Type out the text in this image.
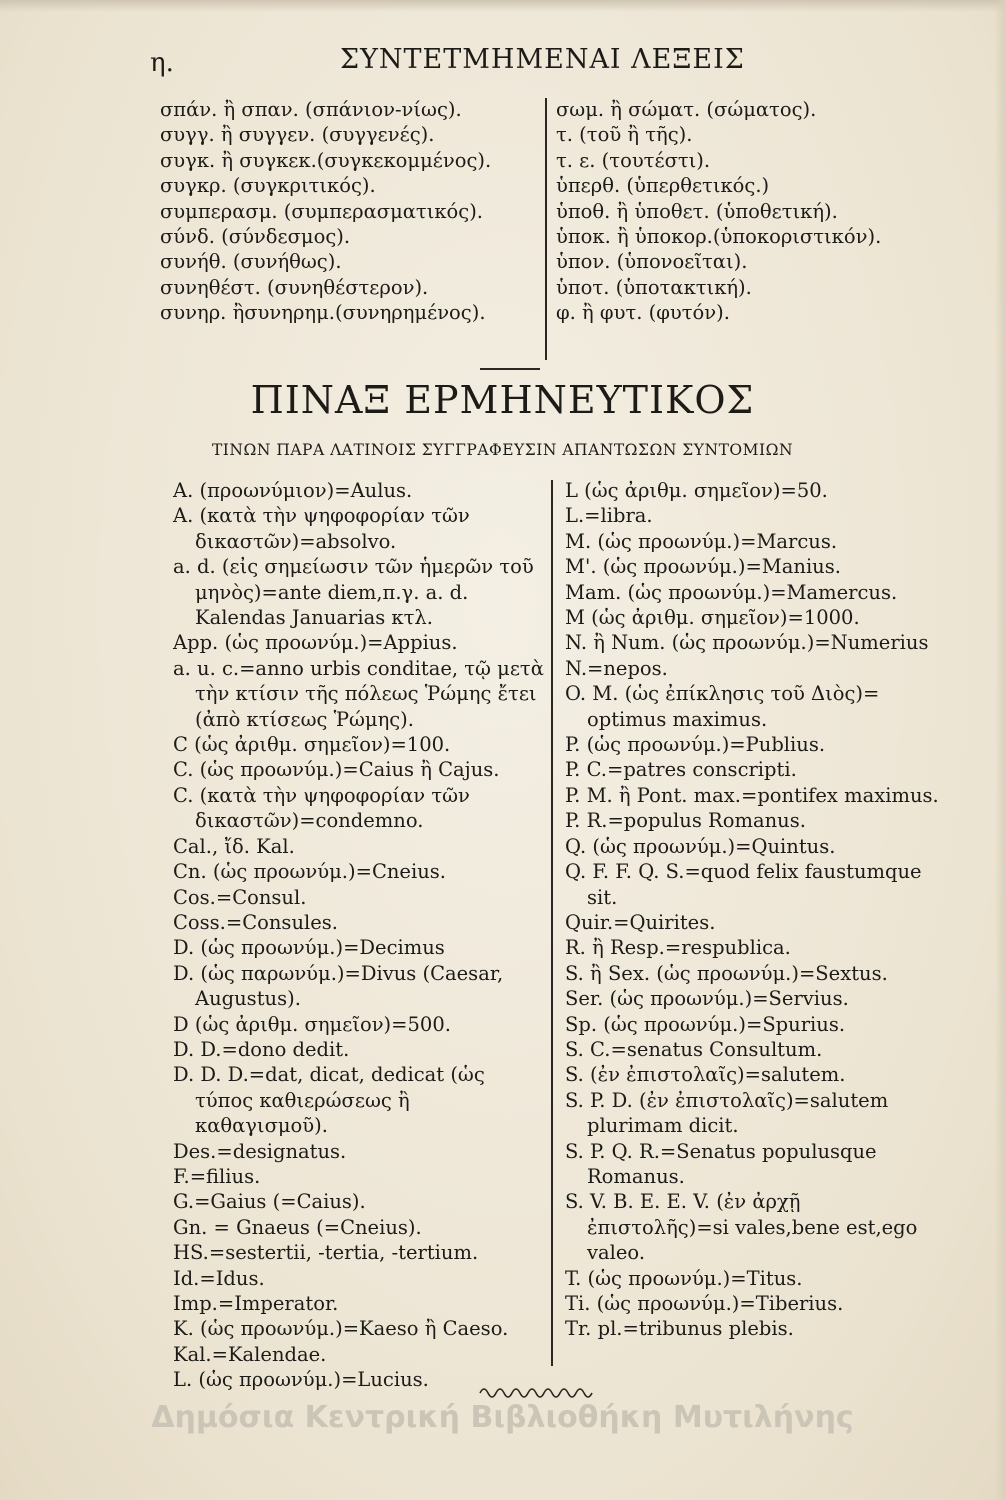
η.	ΣΥΝΤΕΤΜΗΜΕΝΑΙ ΛΕΞΕΙΣ
σπάν. ἢ σπαν. (σπάνιον-νίως).
συγγ. ἢ συγγεν. (συγγενές).
συγκ. ἢ συγκεκ.(συγκεκομμένος).
συγκρ. (συγκριτικός).
συμπερασμ. (συμπερασματικός).
σύνδ. (σύνδεσμος).
συνήθ. (συνήθως).
συνηθέστ. (συνηθέστερον).
συνηρ. ἢσυνηρημ.(συνηρημένος).
σωμ. ἢ σώματ. (σώματος).
τ. (τοῦ ἢ τῆς).
τ. ε. (τουτέστι).
ὑπερθ. (ὑπερθετικός.)
ὑποθ. ἢ ὑποθετ. (ὑποθετική).
ὑποκ. ἢ ὑποκορ.(ὑποκοριστικόν).
ὑπον. (ὑπονοεῖται).
ὑποτ. (ὑποτακτική).
φ. ἢ φυτ. (φυτόν).
ΠΙΝΑΞ ΕΡΜΗΝΕΥΤΙΚΟΣ
ΤΙΝΩΝ ΠΑΡΑ ΛΑΤΙΝΟΙΣ ΣΥΓΓΡΑΦΕΥΣΙΝ ΑΠΑΝΤΩΣΩΝ ΣΥΝΤΟΜΙΩΝ
A. (προωνύμιον)=Aulus.
A. (κατὰ τὴν ψηφοφορίαν τῶν δικαστῶν)=absolvo.
a. d. (εἰς σημείωσιν τῶν ἡμερῶν τοῦ μηνὸς)=ante diem,π.γ. a. d. Kalendas Januarias κτλ.
App. (ὡς προωνύμ.)=Appius.
a. u. c.=anno urbis conditae, τῷ μετὰ τὴν κτίσιν τῆς πόλεως Ῥώμης ἔτει (ἀπὸ κτίσεως Ῥώμης).
C (ὡς ἀριθμ. σημεῖον)=100.
C. (ὡς προωνύμ.)=Caius ἢ Cajus.
C. (κατὰ τὴν ψηφοφορίαν τῶν δικαστῶν)=condemno.
Cal., ἴδ. Kal.
Cn. (ὡς προωνύμ.)=Cneius.
Cos.=Consul.
Coss.=Consules.
D. (ὡς προωνύμ.)=Decimus
D. (ὡς παρωνύμ.)=Divus (Caesar, Augustus).
D (ὡς ἀριθμ. σημεῖον)=500.
D. D.=dono dedit.
D. D. D.=dat, dicat, dedicat (ὡς τύπος καθιερώσεως ἢ καθαγισμοῦ).
Des.=designatus.
F.=filius.
G.=Gaius (=Caius).
Gn. = Gnaeus (=Cneius).
HS.=sestertii, -tertia, -tertium.
Id.=Idus.
Imp.=Imperator.
K. (ὡς προωνύμ.)=Kaeso ἢ Caeso.
Kal.=Kalendae.
L. (ὡς προωνύμ.)=Lucius.
L (ὡς ἀριθμ. σημεῖον)=50.
L.=libra.
M. (ὡς προωνύμ.)=Marcus.
M'. (ὡς προωνύμ.)=Manius.
Mam. (ὡς προωνύμ.)=Mamercus.
M (ὡς ἀριθμ. σημεῖον)=1000.
N. ἢ Num. (ὡς προωνύμ.)=Numerius
N.=nepos.
O. M. (ὡς ἐπίκλησις τοῦ Διὸς)= optimus maximus.
P. (ὡς προωνύμ.)=Publius.
P. C.=patres conscripti.
P. M. ἢ Pont. max.=pontifex maximus.
P. R.=populus Romanus.
Q. (ὡς προωνύμ.)=Quintus.
Q. F. F. Q. S.=quod felix faustumque sit.
Quir.=Quirites.
R. ἢ Resp.=respublica.
S. ἢ Sex. (ὡς προωνύμ.)=Sextus.
Ser. (ὡς προωνύμ.)=Servius.
Sp. (ὡς προωνύμ.)=Spurius.
S. C.=senatus Consultum.
S. (ἐν ἐπιστολαῖς)=salutem.
S. P. D. (ἐν ἐπιστολαῖς)=salutem plurimam dicit.
S. P. Q. R.=Senatus populusque Romanus.
S. V. B. E. E. V. (ἐν ἀρχῇ ἐπιστολῆς)=si vales,bene est,ego valeo.
T. (ὡς προωνύμ.)=Titus.
Ti. (ὡς προωνύμ.)=Tiberius.
Tr. pl.=tribunus plebis.
Δημόσια Κεντρική Βιβλιοθήκη Μυτιλήνης
